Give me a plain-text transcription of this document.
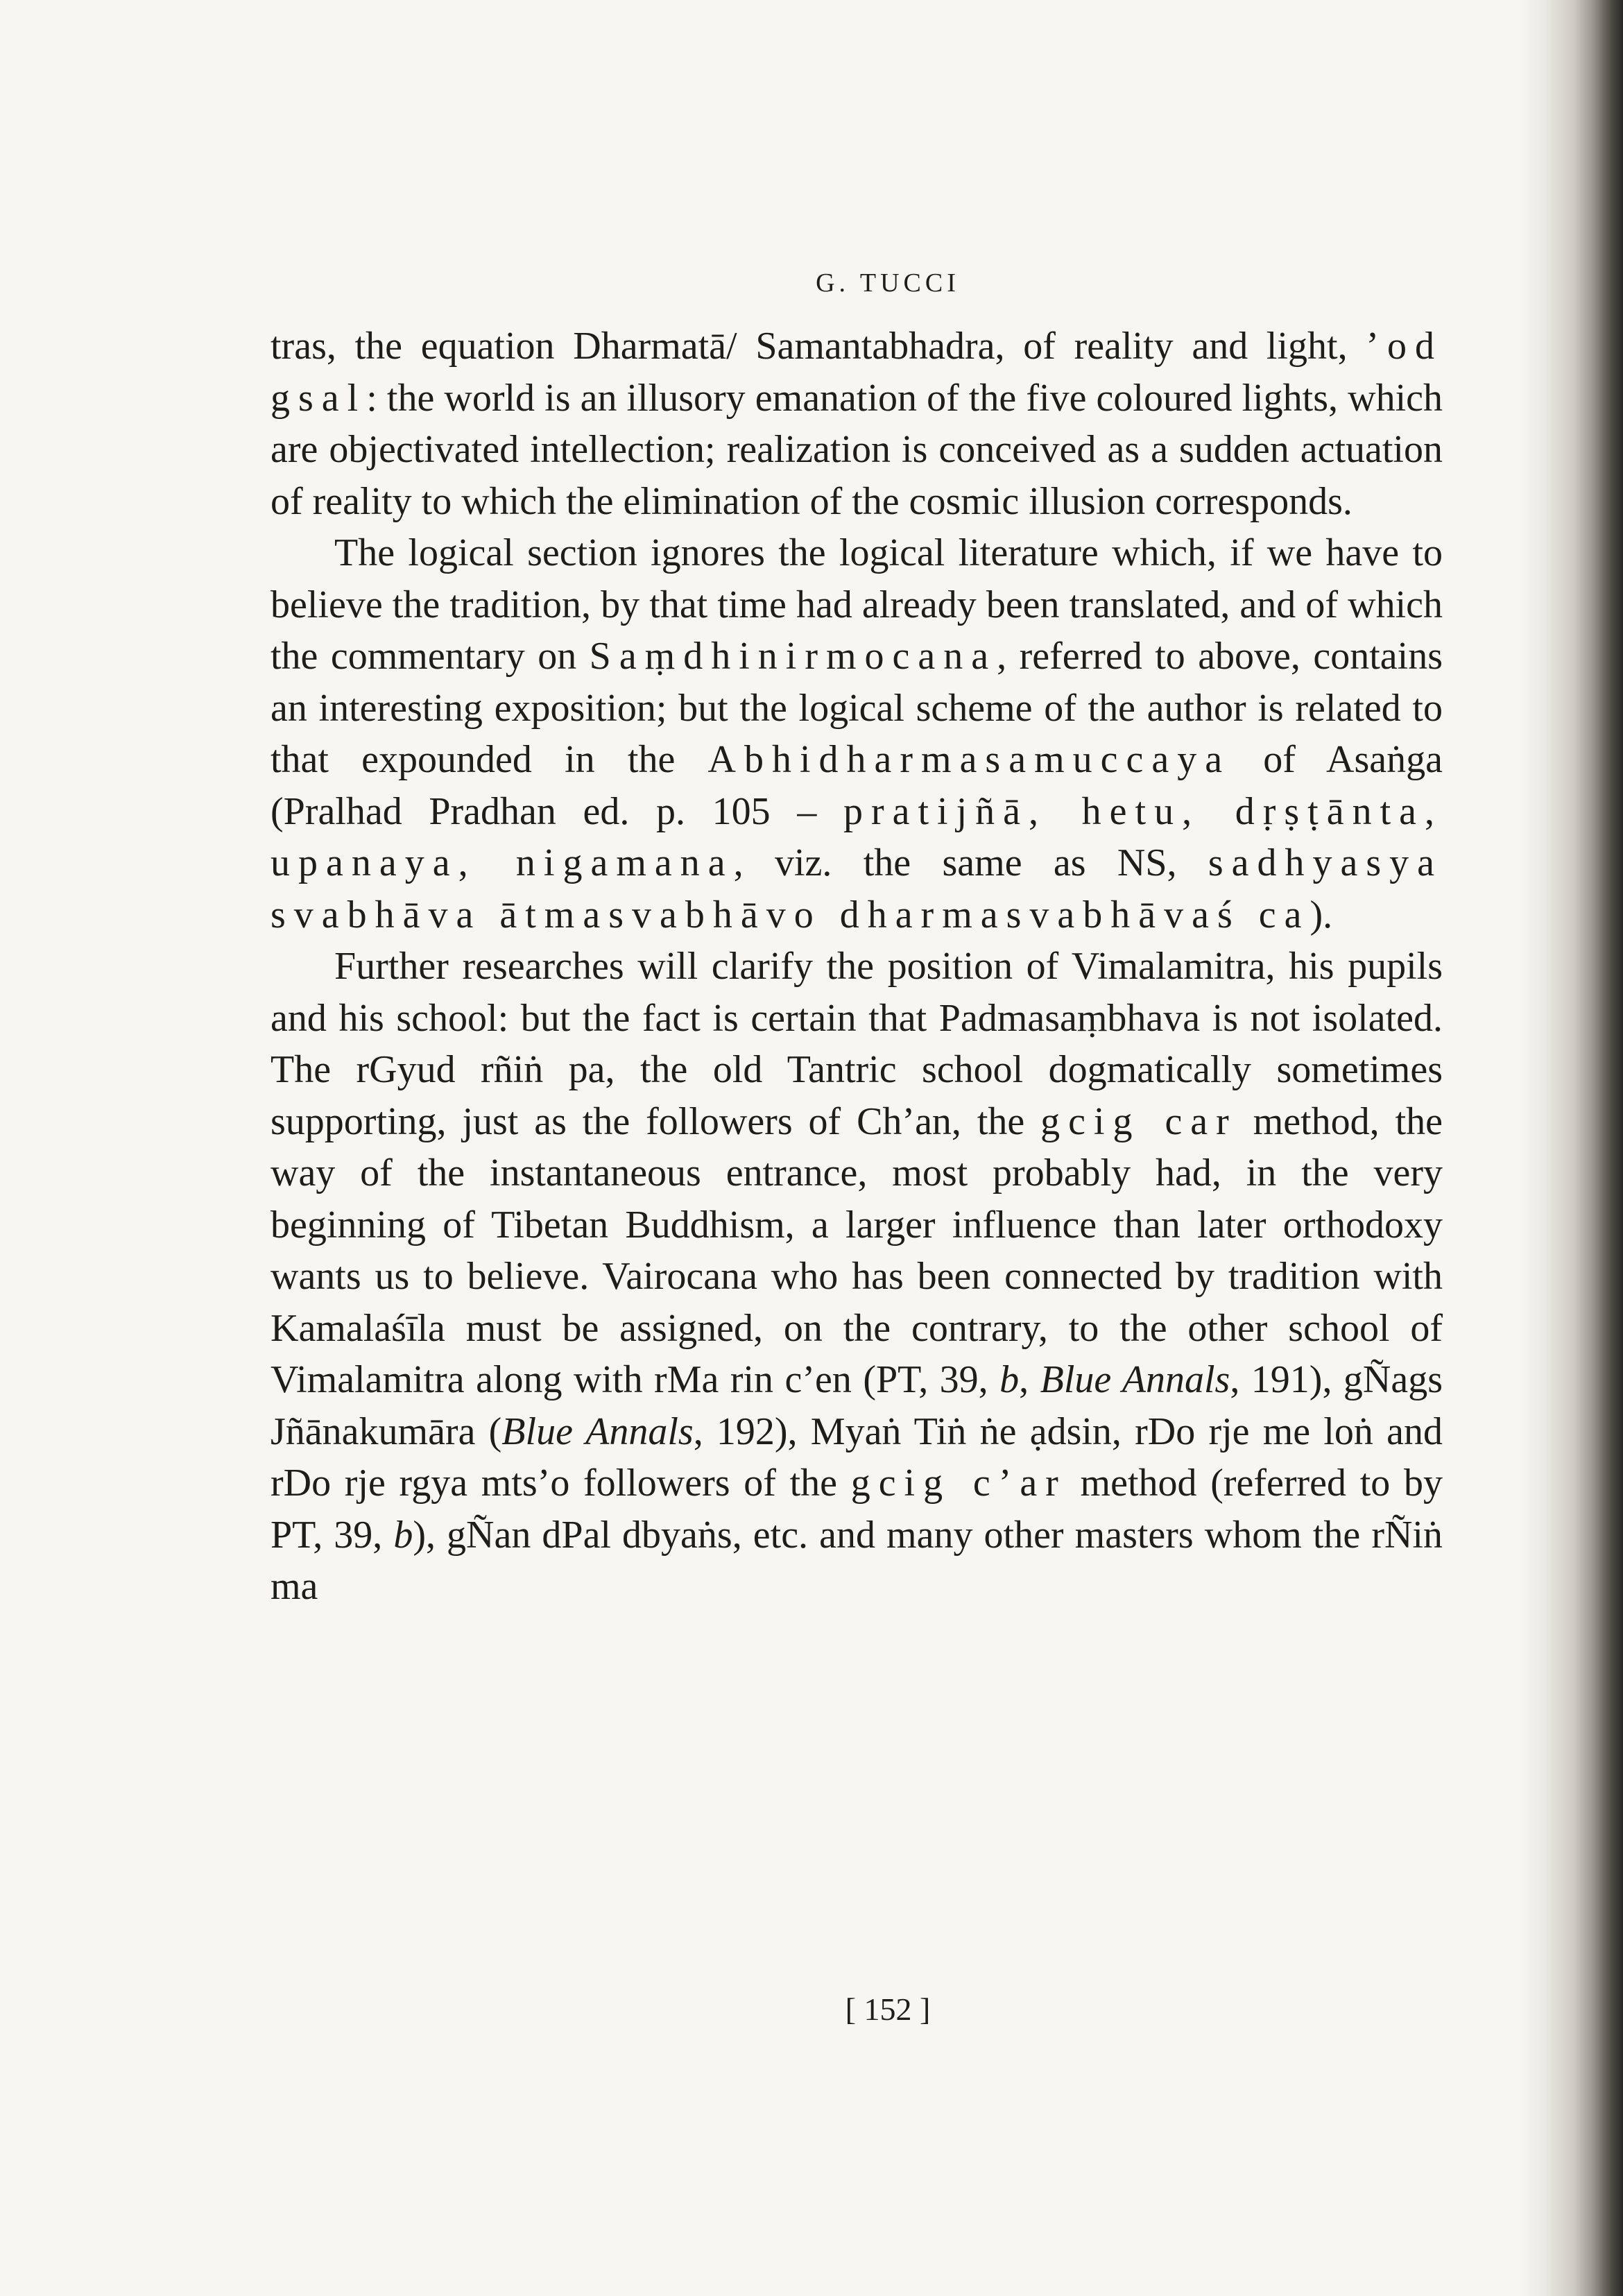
G. TUCCI

tras, the equation Dharmatā/ Samantabhadra, of reality and light, ’od gsal: the world is an illusory emanation of the five coloured lights, which are objectivated intellection; realization is conceived as a sudden actuation of reality to which the elimination of the cosmic illusion corresponds.

The logical section ignores the logical literature which, if we have to believe the tradition, by that time had already been translated, and of which the commentary on Saṃdhinirmocana, referred to above, contains an interesting exposition; but the logical scheme of the author is related to that expounded in the Abhidharmasamuccaya of Asaṅga (Pralhad Pradhan ed. p. 105 – pratijñā, hetu, dṛṣṭānta, upanaya, nigamana, viz. the same as NS, sadhyasya svabhāva ātmasvabhāvo dharmasvabhāvaś ca).

Further researches will clarify the position of Vimalamitra, his pupils and his school: but the fact is certain that Padmasaṃbhava is not isolated. The rGyud rñiṅ pa, the old Tantric school dogmatically sometimes supporting, just as the followers of Ch’an, the gcig car method, the way of the instantaneous entrance, most probably had, in the very beginning of Tibetan Buddhism, a larger influence than later orthodoxy wants us to believe. Vairocana who has been connected by tradition with Kamalaśīla must be assigned, on the contrary, to the other school of Vimalamitra along with rMa rin c’en (PT, 39, b, Blue Annals, 191), gÑags Jñānakumāra (Blue Annals, 192), Myaṅ Tiṅ ṅe ạdsin, rDo rje me loṅ and rDo rje rgya mts’o followers of the gcig c’ar method (referred to by PT, 39, b), gÑan dPal dbyaṅs, etc. and many other masters whom the rÑiṅ ma

[ 152 ]
